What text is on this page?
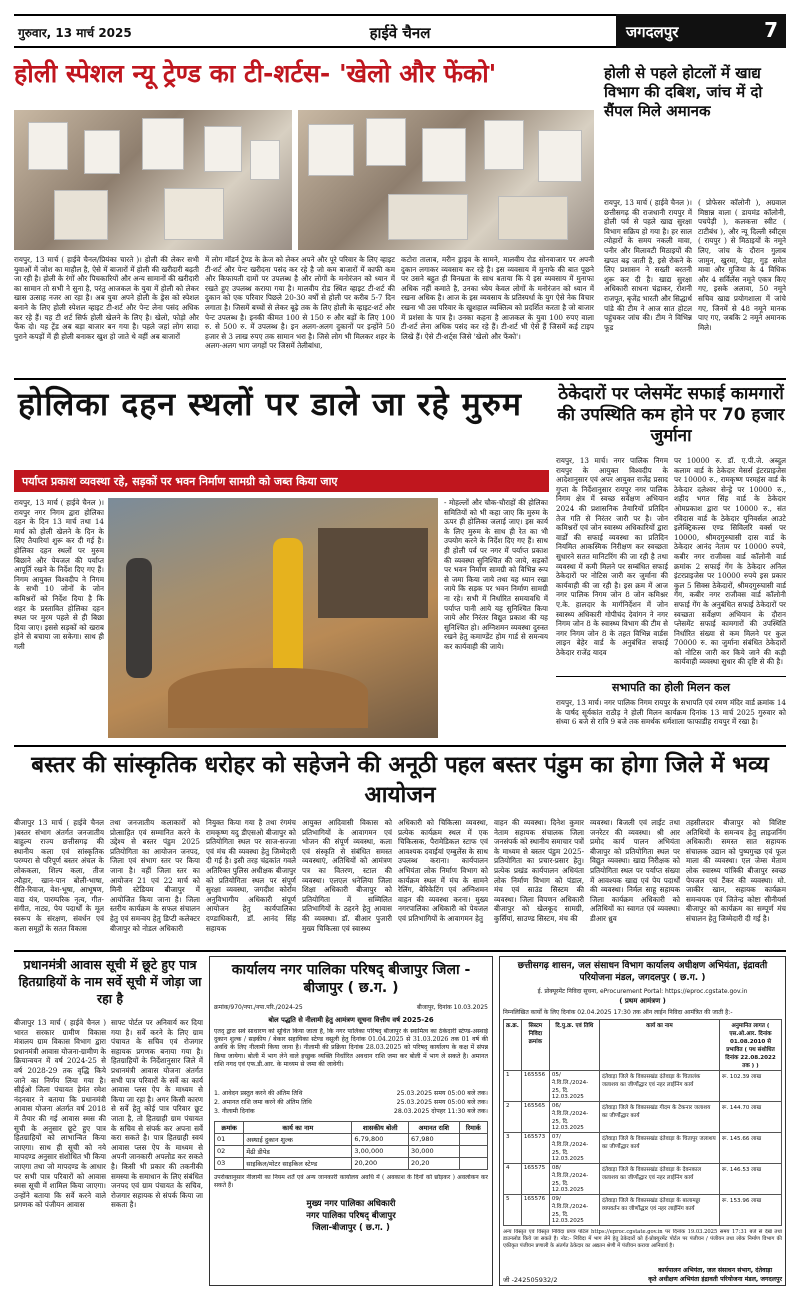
गुरुवार, 13 मार्च 2025	हाईवे चैनल	जगदलपुर	7
होली स्पेशल न्यू ट्रेण्ड का टी-शर्टस- 'खेलो और फेंको'
रायपुर, 13 मार्च ( हाईवे चैनल/प्रियंका चारते )। होली की लेकर सभी युवाओं में जोश का माहौल है, ऐसे में बाजारों में होली की खरीदारी बढ़ती जा रही है। होली के रंगों और पिचकारियों और अन्य सामानों की खरीदारी का सामान तो सभी ने सुना है, परंतु आजकल के युवा में होली को लेकर खास उत्साह नजर आ रहा है। अब युवा अपने होली के ड्रेस को स्पेशल बनाने के लिए होली स्पेशल व्हाइट टी-शर्ट और पेन्ट लेना पसंद अधिक कर रहे हैं। यह टी शर्ट सिर्फ होली खेलने के लिए है। खेलो, फोड़ो और फेंक दो। यह ट्रेंड अब बड़ा बाजार बन गया है। पहले जहां लोग सादा पुराने कपड़ों में ही होली बनाकर खुश हो जाते थे वहीं अब बाजारों
में लोग मॉडर्न ट्रेण्ड के क्रेज को लेकर अपने और पूरे परिवार के लिए व्हाइट टी-शर्ट और पेन्ट खरीदना पसंद कर रहे है जो कम बाजारों में काफी कम और किफायती दामों पर उपलब्ध है और लोगों के मनोरंजन को ध्यान में रखते हुए उपलब्ध कराया गया है। मालवीय रोड स्थित व्हाइट टी-शर्ट की दुकान को एक परिवार पिछले 20-30 वर्षों से होली पर करीब 5-7 दिन लगाता है। जिसमें बच्चों से लेकर बूढ़े तक के लिए होली के व्हाइट-शर्ट और पेन्ट उपलब्ध है। इनकी कीमत 100 से 150 रु और बड़ों के लिए 100 रु. से 500 रु. में उपलब्ध है। इन अलग-अलग दुकानों पर इन्होंने 50 हजार से 3 लाख रुपए तक सामान भरा है। जिसे लोग भी मिलकर शहर के अलग-अलग भाग जगहों पर जिसमें तेलीबांधा,
कटोरा तालाब, मरीन ड्राइव के सामने, मालवीय रोड सोनवाजार पर अपनी दुकान लगाकर व्यवसाय कर रहे है। इस व्यवसाय में मुनाफे की बात पूछने पर उसने बहुत ही विनम्रता के साथ बताया कि ये इस व्यवसाय में मुनाफा अधिक नहीं कमाते है, उनका ध्येय केवल लोगों के मनोरंजन को ध्यान में रखना अधिक है। आज के इस व्यवसाय के प्रतिस्पर्धा के युग ऐसे नेक विचार रखना भी उस परिवार के खुशहाल व्यक्तित्व को प्रदर्शित करता है जो बाजार में प्रशंसा के पात्र है। उनका कहना है आजकल के युवा 100 रुपए वाला टी-शर्ट लेना अधिक पसंद कर रहे हैं। टी-शर्ट भी ऐसे हैं जिसमें कई टाइप लिखे हैं। ऐसे टी-शर्ट्स जिसे 'खेलो और फेंको'।
होली से पहले होटलों में खाद्य विभाग की दबिश, जांच में दो सैंपल मिले अमानक
रायपुर, 13 मार्च ( हाईवे चैनल )। छत्तीसगढ़ की राजधानी रायपुर में होली पर्व से पहले खाद्य सुरक्षा विभाग सक्रिय हो गया है। हर साल त्योहारों के समय नकली मावा, पनीर और मिलावटी मिठाइयों की खपत बढ़ जाती है, इसे रोकने के लिए प्रशासन ने सख्ती बरतनी शुरू कर दी है। खाद्य सुरक्षा अधिकारी साधना चंद्राकर, रोशनी राजपूत, बृजेंद्र भारती और सिद्धार्थ पांडे की टीम ने आज सात होटल पहुंचकर जांच की। टीम ने विभिन्न फूड
( प्रोफेसर कॉलोनी ), अग्रवाल मिष्ठान्न वाला ( डायमंड कॉलोनी, पचपेड़ी ), कलकत्ता स्वीट ( टाटीबंध ), और न्यू दिल्ली स्वीट्स ( रायपुर ) से मिठाइयों के नमूने लिए, जांच के दौरान गुलाब जामुन, खुरमा, पेड़ा, गुड़ समेत मावा और गुजिया के 4 विधिक और 4 सर्विलेंस नमूने एकत्र किए गए, इसके अलावा, 50 नमूने सचिव खाद्य प्रयोगशाला में जांचे गए, जिनमें से 48 नमूने मानक पाए गए, जबकि 2 नमूने अमानक मिले।
होलिका दहन स्थलों पर डाले जा रहे मुरुम
पर्याप्त प्रकाश व्यवस्था रहे, सड़कों पर भवन निर्माण सामग्री को जब्त किया जाए
रायपुर, 13 मार्च ( हाईवे चैनल )। रायपुर नगर निगम द्वारा होलिका दहन के दिन 13 मार्च तथा 14 मार्च को होली खेलने के दिन के लिए तैयारियां शुरू कर दी गई है। होलिका दहन स्थलों पर मुरुम बिछाने और पेयजल की पर्याप्त आपूर्ति रखने के निर्देश दिए गए हैं। निगम आयुक्त विश्वदीप ने निगम के सभी 10 जोनों के जोन कमिश्नरों को निर्देश दिया है कि शहर के प्रस्तावित होलिका दहन स्थल पर मुरम पहले से ही बिछा दिया जाए। इससे सड़कों को खराब होने से बचाया जा सकेगा। साथ ही गली
- मोहल्लों और चौक-चौराहों की होलिका समितियों को भी कहा जाए कि मुरुम के ऊपर ही होलिका जलाई जाए। इस कार्य के लिए मुरुम के साथ ही रेत का भी उपयोग करने के निर्देश दिए गए हैं। साथ ही होली पर्व पर नगर में पर्याप्त प्रकाश की व्यवस्था सुनिश्चित की जाये, सड़कों पर भवन निर्माण सामग्री को विभिन्न रूप से जमा किया जाये तथा यह ध्यान रखा जाये कि सड़क पर भवन निर्माण सामग्री ना रहे। सभी में निर्धारित समयावधि में पर्याप्त पानी आये यह सुनिश्चित किया जाये और निरंतर विद्युत प्रकाश की यह सुनिश्चित हो। अग्निशमन व्यवस्था दुरुस्त रखने हेतु कमाण्डेंट होम गार्ड से समन्वय कर कार्यवाही की जाये।
ठेकेदारों पर प्लेसमेंट सफाई कामगारों की उपस्थिति कम होने पर 70 हजार जुर्माना
रायपुर, 13 मार्च। नगर पालिक निगम रायपुर के आयुक्त विश्वदीप के आदेशानुसार एवं अपर आयुक्त राजेंद्र प्रसाद गुप्ता के निर्देशानुसार रायपुर नगर पालिक निगम क्षेत्र में स्वच्छ सर्वेक्षण अभियान 2024 की प्रशासनिक तैयारियों प्रतिदिन तेज गति से निरंतर जारी पर है। जोन कमिश्नरों एवं जोन स्वास्थ्य अधिकारियों द्वारा वार्डों की सफाई व्यवस्था का प्रतिदिन नियमित आकस्मिक निरीक्षण कर स्वच्छता सुधारने सतत मानिटरिंग की जा रही है तथा व्यवस्था में कमी मिलने पर सम्बंधित सफाई ठेकेदारों पर नोटिस जारी कर जुर्माना की कार्यवाही की जा रही है। इस क्रम में आज नगर पालिक निगम जोन 8 जोन कमिश्नर ए.के. हालदार के मार्गनिर्देशन में जोन स्वास्थ्य अधिकारी गोपीचंद देवांगन ने नगर निगम जोन 8 के स्वास्थ्य विभाग की टीम से नगर निगम जोन 8 के तहत विभिन्न वार्डस लाइन बेहेर वार्ड के अनुबंधित सफाई ठेकेदार राजेंद्र यादव
पर 10000 रु. डॉ. ए.पी.जे. अब्दुल कलाम वार्ड के ठेकेदार मेसर्स इंटरप्राइजेस पर 10000 रु., रामकृष्ण परमहंस वार्ड के ठेकेदार दलेश्वर सेन्ड्रे पर 10000 रु., शहीद भगत सिंह वार्ड के ठेकेदार ओमप्रकाश द्वारा पर 10000 रु., संत रविदास वार्ड के ठेकेदार यूनिवर्सल आउटे इलेक्ट्रिकल्स एण्ड सिविलरि वर्क्स पर 10000, श्रीमदगुरुघासी दास वार्ड के ठेकेदार आनंद नेताम पर 10000 रुपये, कबीर नगर राजीवस वार्ड कॉलोनी वार्ड क्रमांक 2 सफाई गेंग के ठेकेदार अनिल इंटरप्राइजेस पर 10000 रुपये इस प्रकार कुल 5 सिक्स ठेकेदारों, श्रीमदगुरुघासी वार्ड गेंग, कबीर नगर राजीवस वार्ड कॉलोनी सफाई गेंग के अनुबंधित सफाई ठेकेदारों पर स्वच्छता सर्वेक्षण अभियान के दौरान प्लेसमेंट सफाई कामगारों की उपस्थिति निर्धारित संख्या से कम मिलने पर कुल 70000 रु. का जुर्माना संबंधित ठेकेदारों को नोटिस जारी कर किये जाने की कड़ी कार्यवाही व्यवस्था सुधार की दृष्टि से की है।
सभापति का होली मिलन कल
रायपुर, 13 मार्च। नगर पालिक निगम रायपुर के सभापति एवं रमण मंदिर वार्ड क्रमांक 14 के पार्षद सूर्यकांत राठौड़ ने होली मिलन कार्यक्रम दिनांक 13 मार्च 2025 गुरुवार को संध्या 6 बजे से रात्रि 9 बजे तक समर्थक धर्मशाला फाफाडीह रायपुर में रखा है।
बस्तर की सांस्कृतिक धरोहर को सहेजने की अनूठी पहल बस्तर पंडुम का होगा जिले में भव्य आयोजन
बीजापुर 13 मार्च ( हाईवे चैनल )बस्तर संभाग अंतर्गत जनजातीय बाहुल्य राज्य छत्तीसगढ़ की स्थानीय कला एवं सांस्कृतिक परम्परा से परिपूर्ण बस्तर अंचल के लोककला, शिल्प कला, तीज त्यौहार, खान-पान बोली-भाषा, रीति-रिवाज, वेश-भूषा, आभूषण, वाद्य यंत्र, पारम्परिक नृत्य, गीत-संगीत, नाट्य, पेय पदार्थों के मूल स्वरूप के संरक्षण, संवर्धन एवं कला समूहों के सतत विकास
तथा जनजातीय कलाकारों को प्रोत्साहित एवं सम्मानित करने के उद्देश्य से बस्तर पंडुम 2025 प्रतियोगिता का आयोजन जनपद, जिला एवं संभाग स्तर पर किया जाना है। वहीं जिला स्तर का आयोजन 21 एवं 22 मार्च को मिनी स्टेडियम बीजापुर में आयोजित किया जाना है। जिला स्तरीय कार्यक्रम के सफल संचालन हेतु एवं समन्वय हेतु डिप्टी कलेक्टर बीजापुर को नोडल अधिकारी
नियुक्त किया गया है तथा रंगमंच रामकृष्ण यदु डीएसओ बीजापुर को प्रतियोगिता स्थल पर साज-सज्जा एवं मंच की व्यवस्था हेतु जिम्मेदारी दी गई है। इसी तरह चंद्रकांत गवले अतिरिक्त पुलिस अधीक्षक बीजापुर को प्रतियोगिता स्थल पर संपूर्ण सुरक्षा व्यवस्था, जगदीश कोर्राम अनुविभागीय अधिकारी संपूर्ण आयोजन हेतु कार्यपालिका दण्डाधिकारी, डॉ. आनंद सिंह सहायक
आयुक्त आदिवासी विकास को प्रतिभागियों के आवागमन एवं भोजन की संपूर्ण व्यवस्था, कला एवं संस्कृति से संबंधित समस्त व्यवस्थाएं, अतिथियों को आमंत्रण पत्र का वितरण, स्टाल की व्यवस्था। एलएल धनेलिया जिला शिक्षा अधिकारी बीजापुर को प्रतियोगिता में सम्मिलित प्रतिभागियों के ठहरने हेतु आवास की व्यवस्था। डॉ. बीआर पुजारी मुख्य चिकित्सा एवं स्वास्थ्य
अधिकारी को चिकित्सा व्यवस्था, प्रत्येक कार्यक्रम स्थल में एक चिकित्सक, पैरामेडिकल स्टाफ एवं आवश्यक दवाईयां एम्बुलेंस के साथ उपलब्ध कराना। कार्यपालन अभियंता लोक निर्माण विभाग को कार्यक्रम स्थल में मंच के सामने रेलिंग, बेरिकेटिंग एवं अग्निशमन वाहन की व्यवस्था करना। मुख्य नगरपालिका अधिकारी को पेयजल एवं प्रतिभागियों के आवागमन हेतु
वाहन की व्यवस्था। दिनेश कुमार नेताम सहायक संचालक जिला जनसंपर्क को स्थानीय समाचार पत्रों के माध्यम से बस्तर पंडुम 2025-प्रतियोगिता का प्रचार-प्रसार हेतु। प्रत्येक प्रखंड कार्यपालन अधियंता लोक निर्माण विभाग को पंडाल, मंच एवं साउंड सिस्टम की व्यवस्था। जिला विपणन अधिकारी बीजापुर को खेलकूद सामग्री, कुर्सियां, साउण्ड सिस्टम, मंच की
व्यवस्था। बिजली एवं लाईट तथा जनरेटर की व्यवस्था। श्री आर प्रमोद कार्य पालन अभियंता बीजापुर को प्रतियोगिता स्थल पर विद्युत व्यवस्था। खाद्य निरीक्षक को प्रतियोगिता स्थल पर पर्याप्त संख्या में आवश्यक खाद्य एवं पेय पदार्थों की व्यवस्था। निर्मल साहू सहायक जिला कार्यक्रम अधिकारी को अतिथियों का स्वागत एवं व्यवस्था। डीआर ध्रुव
तहसीलदार बीजापुर को विशिष्ट अतिथियों के समन्वय हेतु लाइजनिंग अधिकारी। समस्त सात सहायक संचालक उद्यान को पुष्पगुच्छ एवं फूल माला की व्यवस्था। एल जेम्स मेताम लोक स्वास्थ्य यांत्रिकी बीजापुर स्वच्छ पेयजल एवं टैंकर की व्यवस्था। मो. जाकीर खान, सहायक कार्यक्रम समन्वयक एवं जितेन्द्र कोष्टा सीनीयर्स बीजापुर को कार्यक्रम का सम्पूर्ण मंच संचालन हेतु जिम्मेदारी दी गई है।
प्रधानमंत्री आवास सूची में छूटे हुए पात्र हितग्राहियों के नाम सर्वे सूची में जोड़ा जा रहा है
बीजापुर 13 मार्च ( हाईवे चैनल ) भारत सरकार ग्रामीण विकास मंत्रालय ग्राम विकास विभाग द्वारा प्रधानमंत्री आवास योजना-ग्रामीण के क्रियान्वयन में वर्ष 2024-25 से वर्ष 2028-29 तक वृद्धि किये जाने का निर्णय लिया गया है। सीईओ जिला पंचायत हेमंत रमेश नंदनवार ने बताया कि प्रधानमंत्री आवास योजना अंतर्गत वर्ष 2018 में तैयार की गई आवास स्मस की सूची के अनुसार छूटे हुए पात्र हितग्राहियों को लाभान्वित किया जाएगा। साथ ही सूची को नये मापदण्ड अनुसार संशोधित भी किया जाएगा तथा जो मापदण्ड के आधार पर सभी पात्र परिवारों को आवास स्मस सूची में शामिल किया जाएगा। उन्होंने बताया कि सर्वे करने वाले प्रगणक को पंजीयन आवास
साफ्ट पोर्टल पर अनिवार्य कर दिया गया है। सर्वे करने के लिए ग्राम पंचायत के सचिव एवं रोजगार सहायक प्रगणक बनाया गया है। हितग्राहियों के निर्देशानुसार जिले में प्रधानमंत्री आवास योजना अंतर्गत सभी पात्र परिवारों के सर्वे का कार्य आवास प्लस ऐप के माध्यम से किया जा रहा है। अगर किसी कारण से सर्वे हेतु कोई पात्र परिवार छूट जाता है, तो हितग्राही ग्राम पंचायत के सचिव से संपर्क कर अपना सर्वे करा सकते है। पात्र हितग्राही स्वयं आवास प्लस ऐप के माध्यम से अपनी जानकारी अपलोड कर सकते है। किसी भी प्रकार की तकनीकी समस्या के समाधान के लिए संबंधित जनपद एवं ग्राम पंचायत के सचिव, रोजगार सहायक से संपर्क किया जा सकता है।
कार्यालय नगर पालिका परिषद् बीजापुर जिला - बीजापुर ( छ.ग. )
क्रमांक/970/नपा./नपा.परि./2024-25	बीजापुर, दिनांक 10.03.2025
बोल पद्धति से नीलामी हेतु आमंत्रण सूचना वित्तीय वर्ष 2025-26
एतद् द्वारा सर्व साधारण को सूचित किया जाता है, कि नगर पालिका परिषद् बीजापुर के स्वामित्व का ठेकेदारी स्टेण्ड-अस्थाई दुकान शुल्क / सड़कीय / बेकार सहायिका स्टेण्ड वसूली हेतु दिनांक 01.04.2025 से 31.03.2026 तक 01 वर्ष की अवधि के लिए नीलामी किया जाना है। नीलामी की प्रक्रिया दिनांक 28.03.2025 को परिषद् कार्यालय के कक्ष में संपन्न किया जायेगा। बोली में भाग लेने वाले इच्छुक व्यक्ति निर्धारित अवधान राशि जमा कर बोली में भाग ले सकते है। अमानत राशि नगद एवं एफ.डी.आर. के माध्यम से जमा की जावेगी।
1. आवेदन प्रस्तुत करने की अंतिम तिथि	25.03.2025 समय 05:00 बजे तक।
2. अमानत राशि जमा करने की अंतिम तिथि	25.03.2025 समय 05:00 बजे तक।
3. नीलामी दिनांक	28.03.2025 दोपहर 11:30 बजे तक।
क्रमांक	कार्य का नाम	शासकीय बोली	अमानत राशि	रिमार्क
01	अस्थाई दुकान शुल्क	6,79,800	67,980	
02	मेंढी डीपेड	3,00,000	30,000	
03	साइकिल/मोटर साइकिल स्टेण्ड	20,200	20,20	
उपरोक्तानुसार नीलामी का नियम शर्तें एवं अन्य जानकारी कार्यालय अवधि में ( अवकाश के दिनों को छोड़कर ) अवलोकन कर सकते हैं।
मुख्य नगर पालिका अधिकारी
नगर पालिका परिषद् बीजापुर
जिला-बीजापुर ( छ.ग. )
छत्तीसगढ़ शासन, जल संसाधन विभाग कार्यालय अधीक्षण अभियंता, इंद्रावती परियोजना मंडल, जगदलपुर ( छ.ग. )
ई. प्रोक्यूरमेंट निविदा सूचना, eProcurement Portal: https://eproc.cgstate.gov.in
( प्रथम आमंत्रण )
निम्नलिखित कार्यों के लिए दिनांक 02.04.2025 17:30 तक ऑन लाईन निविदा आमंत्रित की जाती है:-
क्र.क्र.	सिस्टम निविदा क्रमांक	दि.पु.क्र. एवं तिथि	कार्य का नाम	अनुमानित लागत ( एस.ओ.आर. दिनांक 01.08.2010 से प्रभावित ( पथ संशोधित दिनांक 22.08.2022 तक ) )
1	165556	05/ने.वि.लि./2024-25, दि. 12.03.2025	दंतेवाड़ा जिले के विकासखंड दंतेवाड़ा के चितालंक जलाशय का जीर्णोद्धार एवं नहर लाईनिंग कार्य	रू. 102.39 लाख
2	165565	06/ने.वि.लि./2024-25, दि. 12.03.2025	दंतेवाड़ा जिले के विकासखंड गीदम के टेकनार जलाशय का जीर्णोद्धार कार्य	रू. 144.70 लाख
3	165573	07/ने.वि.लि./2024-25, दि. 12.03.2025	दंतेवाड़ा जिले के विकासखंड दंतेवाड़ा के चितापुर जलाशय का जीर्णोद्धार कार्य	रू. 145.66 लाख
4	165575	08/ने.वि.लि./2024-25, दि. 12.03.2025	दंतेवाड़ा जिले के विकासखंड दंतेवाड़ा के देवनकाल जलाशय का जीर्णोद्धार एवं नहर लाईनिंग कार्य	रू. 146.53 लाख
5	165576	09/ने.वि.लि./2024-25, दि. 12.03.2025	दंतेवाड़ा जिले के विकासखंड दंतेवाड़ा के बालामड्डा व्यपवर्तन का जीर्णोद्धार एवं नहर लाईनिंग कार्य	रू. 153.96 लाख
अन्य विस्तृत एवं विस्तृत निविदा प्रपत्र पोर्टल https://eproc.cgstate.gov.in पर दिनांक 19.03.2025 समय 17:31 बजे से देखे तथा डाउनलोड किये जा सकते है। नोट:- निविदा में भाग लेने हेतु ठेकेदारों को ई-प्रोक्यूरमेंट पोर्टल पर पंजीयन / पंजीयन तथा लोक निर्माण विभाग की एकीकृत पंजीयन प्रणाली के अंतर्गत ठेकेदार का अद्यतन श्रेणी में पंजीयन कराया आनिवार्य है।
जी -242505932/2
कार्यपालन अभियंता, जल संसाधन संभाग, दंतेवाड़ा
कृते अधीक्षण अभियंता इंद्रावती परियोजना मंडल, जगदलपुर
